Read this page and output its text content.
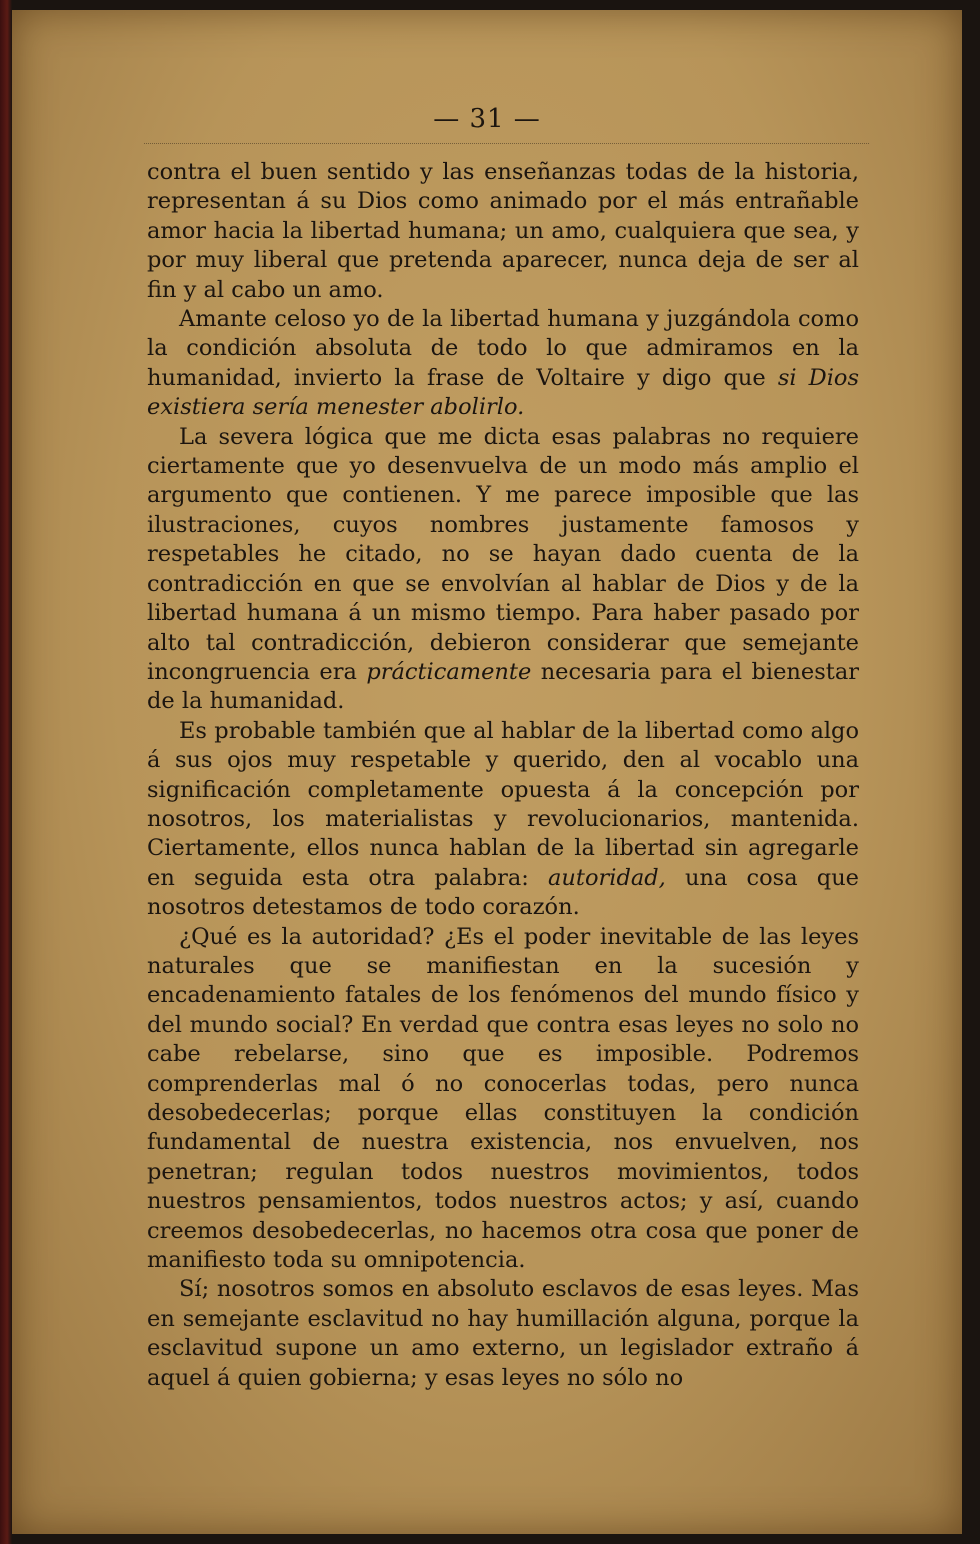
— 31 —

contra el buen sentido y las enseñanzas todas de la historia, representan á su Dios como animado por el más entrañable amor hacia la libertad humana; un amo, cualquiera que sea, y por muy liberal que pretenda aparecer, nunca deja de ser al fin y al cabo un amo.

Amante celoso yo de la libertad humana y juzgándola como la condición absoluta de todo lo que admiramos en la humanidad, invierto la frase de Voltaire y digo que si Dios existiera sería menester abolirlo.

La severa lógica que me dicta esas palabras no requiere ciertamente que yo desenvuelva de un modo más amplio el argumento que contienen. Y me parece imposible que las ilustraciones, cuyos nombres justamente famosos y respetables he citado, no se hayan dado cuenta de la contradicción en que se envolvían al hablar de Dios y de la libertad humana á un mismo tiempo. Para haber pasado por alto tal contradicción, debieron considerar que semejante incongruencia era prácticamente necesaria para el bienestar de la humanidad.

Es probable también que al hablar de la libertad como algo á sus ojos muy respetable y querido, den al vocablo una significación completamente opuesta á la concepción por nosotros, los materialistas y revolucionarios, mantenida. Ciertamente, ellos nunca hablan de la libertad sin agregarle en seguida esta otra palabra: autoridad, una cosa que nosotros detestamos de todo corazón.

¿Qué es la autoridad? ¿Es el poder inevitable de las leyes naturales que se manifiestan en la sucesión y encadenamiento fatales de los fenómenos del mundo físico y del mundo social? En verdad que contra esas leyes no solo no cabe rebelarse, sino que es imposible. Podremos comprenderlas mal ó no conocerlas todas, pero nunca desobedecerlas; porque ellas constituyen la condición fundamental de nuestra existencia, nos envuelven, nos penetran; regulan todos nuestros movimientos, todos nuestros pensamientos, todos nuestros actos; y así, cuando creemos desobedecerlas, no hacemos otra cosa que poner de manifiesto toda su omnipotencia.

Sí; nosotros somos en absoluto esclavos de esas leyes. Mas en semejante esclavitud no hay humillación alguna, porque la esclavitud supone un amo externo, un legislador extraño á aquel á quien gobierna; y esas leyes no sólo no
